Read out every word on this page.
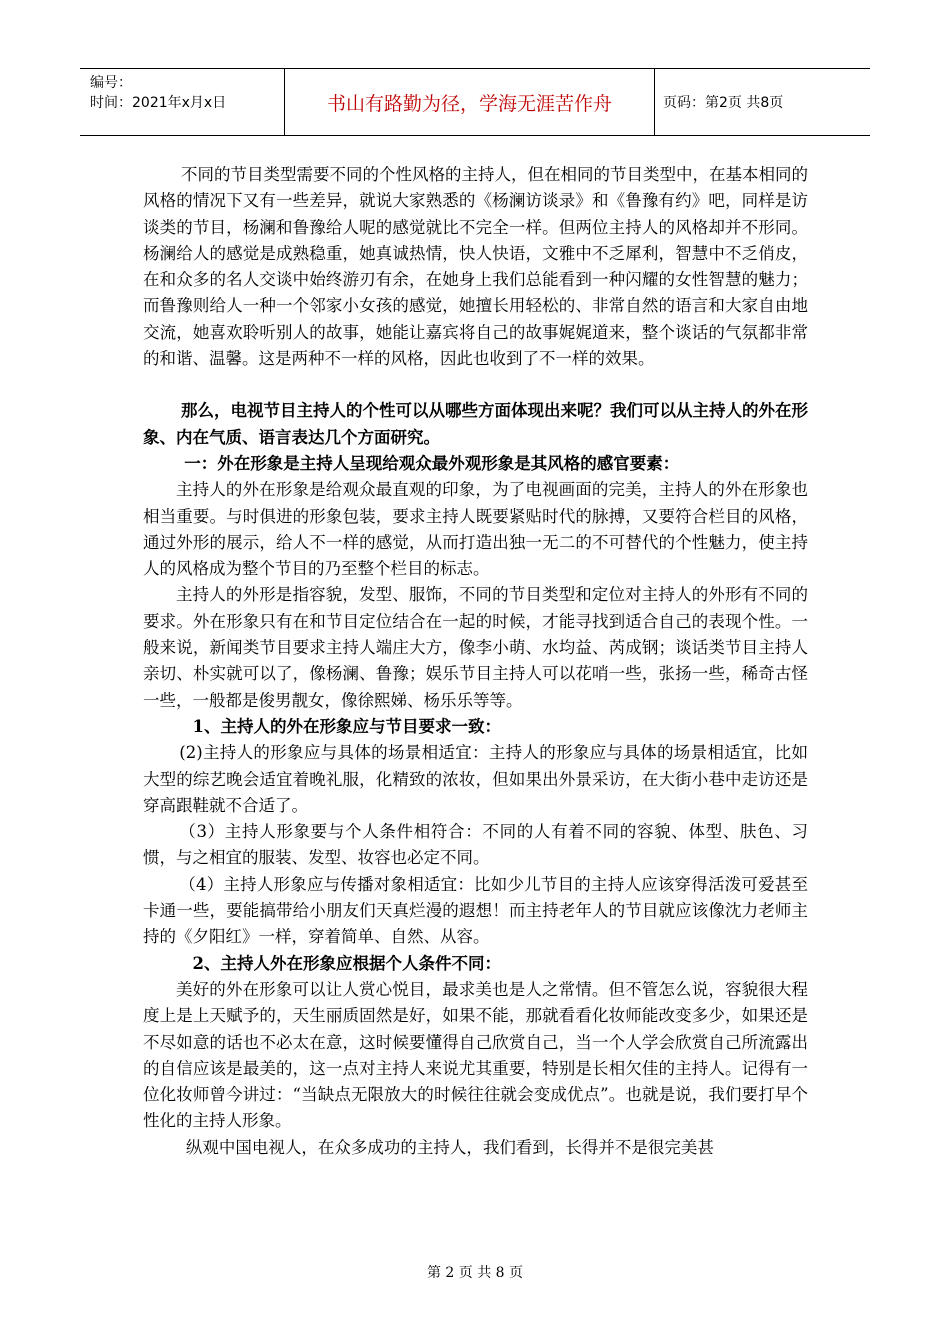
编号：
时间：2021年x月x日	书山有路勤为径，学海无涯苦作舟	页码：第2页 共8页

不同的节目类型需要不同的个性风格的主持人，但在相同的节目类型中，在基本相同的风格的情况下又有一些差异，就说大家熟悉的《杨澜访谈录》和《鲁豫有约》吧，同样是访谈类的节目，杨澜和鲁豫给人呢的感觉就比不完全一样。但两位主持人的风格却并不形同。杨澜给人的感觉是成熟稳重，她真诚热情，快人快语，文雅中不乏犀利，智慧中不乏俏皮，在和众多的名人交谈中始终游刃有余，在她身上我们总能看到一种闪耀的女性智慧的魅力；而鲁豫则给人一种一个邻家小女孩的感觉，她擅长用轻松的、非常自然的语言和大家自由地交流，她喜欢聆听别人的故事，她能让嘉宾将自己的故事娓娓道来，整个谈话的气氛都非常的和谐、温馨。这是两种不一样的风格，因此也收到了不一样的效果。

那么，电视节目主持人的个性可以从哪些方面体现出来呢？我们可以从主持人的外在形象、内在气质、语言表达几个方面研究。

一：外在形象是主持人呈现给观众最外观形象是其风格的感官要素：

主持人的外在形象是给观众最直观的印象，为了电视画面的完美，主持人的外在形象也相当重要。与时俱进的形象包装，要求主持人既要紧贴时代的脉搏，又要符合栏目的风格，通过外形的展示，给人不一样的感觉，从而打造出独一无二的不可替代的个性魅力，使主持人的风格成为整个节目的乃至整个栏目的标志。

主持人的外形是指容貌，发型、服饰，不同的节目类型和定位对主持人的外形有不同的要求。外在形象只有在和节目定位结合在一起的时候，才能寻找到适合自己的表现个性。一般来说，新闻类节目要求主持人端庄大方，像李小萌、水均益、芮成钢；谈话类节目主持人亲切、朴实就可以了，像杨澜、鲁豫；娱乐节目主持人可以花哨一些，张扬一些，稀奇古怪一些，一般都是俊男靓女，像徐熙娣、杨乐乐等等。

1、主持人的外在形象应与节目要求一致：

(2)主持人的形象应与具体的场景相适宜：主持人的形象应与具体的场景相适宜，比如大型的综艺晚会适宜着晚礼服，化精致的浓妆，但如果出外景采访，在大街小巷中走访还是穿高跟鞋就不合适了。

（3）主持人形象要与个人条件相符合：不同的人有着不同的容貌、体型、肤色、习惯，与之相宜的服装、发型、妆容也必定不同。

（4）主持人形象应与传播对象相适宜：比如少儿节目的主持人应该穿得活泼可爱甚至卡通一些，要能搞带给小朋友们天真烂漫的遐想！而主持老年人的节目就应该像沈力老师主持的《夕阳红》一样，穿着简单、自然、从容。

2、主持人外在形象应根据个人条件不同：

美好的外在形象可以让人赏心悦目，最求美也是人之常情。但不管怎么说，容貌很大程度上是上天赋予的，天生丽质固然是好，如果不能，那就看看化妆师能改变多少，如果还是不尽如意的话也不必太在意，这时候要懂得自己欣赏自己，当一个人学会欣赏自己所流露出的自信应该是最美的，这一点对主持人来说尤其重要，特别是长相欠佳的主持人。记得有一位化妆师曾今讲过：“当缺点无限放大的时候往往就会变成优点”。也就是说，我们要打早个性化的主持人形象。

纵观中国电视人，在众多成功的主持人，我们看到，长得并不是很完美甚

第 2 页 共 8 页
